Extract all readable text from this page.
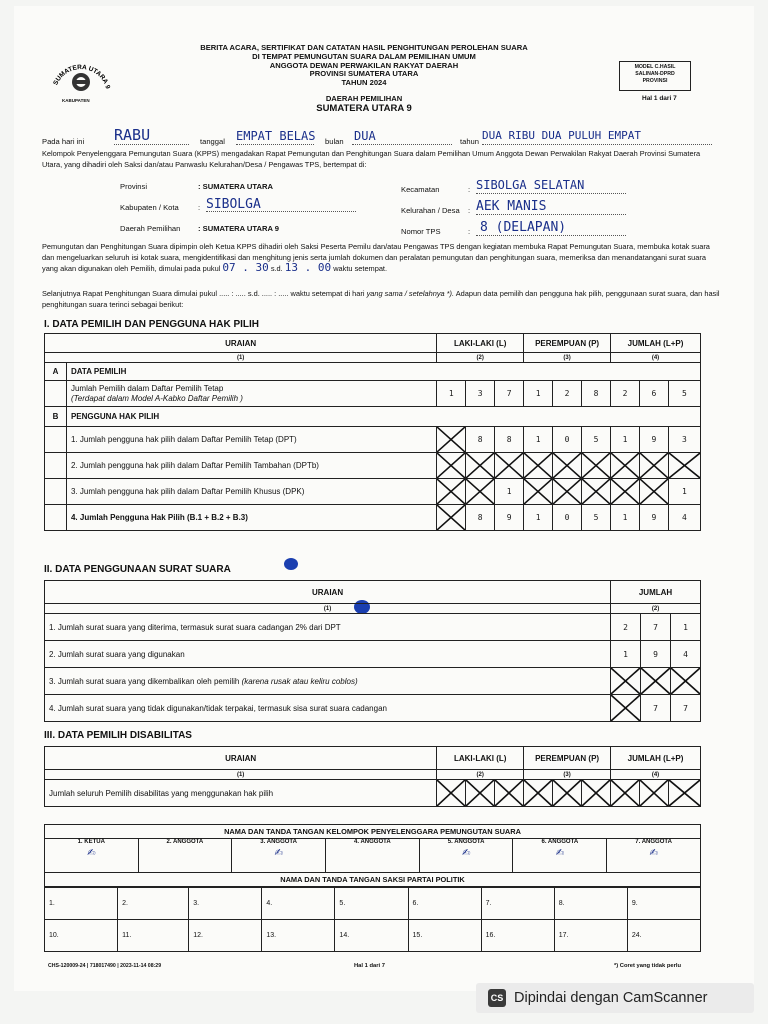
SUMATERA UTARA 9
KABUPATEN
BERITA ACARA, SERTIFIKAT DAN CATATAN HASIL PENGHITUNGAN PEROLEHAN SUARA
DI TEMPAT PEMUNGUTAN SUARA DALAM PEMILIHAN UMUM
ANGGOTA DEWAN PERWAKILAN RAKYAT DAERAH
PROVINSI SUMATERA UTARA
TAHUN 2024
DAERAH PEMILIHAN
SUMATERA UTARA 9
MODEL C.HASIL
SALINAN-DPRD
PROVINSI
Hal 1 dari 7
Pada hari ini RABU	tanggal EMPAT BELAS bulan DUA	tahun DUA RIBU DUA PULUH EMPAT
Kelompok Penyelenggara Pemungutan Suara (KPPS) mengadakan Rapat Pemungutan dan Penghitungan Suara dalam Pemilihan Umum Anggota Dewan Perwakilan Rakyat Daerah Provinsi Sumatera Utara, yang dihadiri oleh Saksi dan/atau Panwaslu Kelurahan/Desa / Pengawas TPS, bertempat di:
Provinsi	: SUMATERA UTARA
Kabupaten / Kota	: SIBOLGA
Daerah Pemilihan : SUMATERA UTARA 9
Kecamatan	: SIBOLGA SELATAN
Kelurahan / Desa : AEK MANIS
Nomor TPS	: 8 (DELAPAN)
Pemungutan dan Penghitungan Suara dipimpin oleh Ketua KPPS dihadiri oleh Saksi Peserta Pemilu dan/atau Pengawas TPS dengan kegiatan membuka Rapat Pemungutan Suara, membuka kotak suara dan mengeluarkan seluruh isi kotak suara, mengidentifikasi dan menghitung jenis serta jumlah dokumen dan peralatan pemungutan dan penghitungan suara, memeriksa dan menandatangani surat suara yang akan digunakan oleh Pemilih, dimulai pada pukul 07 . 30 s.d. 13 . 00 waktu setempat.
Selanjutnya Rapat Penghitungan Suara dimulai pukul ..... : ..... s.d. ..... : ..... waktu setempat di hari yang sama / setelahnya *). Adapun data pemilih dan pengguna hak pilih, penggunaan surat suara, dan hasil penghitungan suara terinci sebagai berikut:
I. DATA PEMILIH DAN PENGGUNA HAK PILIH
URAIAN		LAKI-LAKI (L)			PEREMPUAN (P)			JUMLAH (L+P)		
(1)		(2)			(3)			(4)		
A	DATA PEMILIH									

	Jumlah Pemilih dalam Daftar Pemilih Tetap
(Terdapat dalam Model A-Kabko Daftar Pemilih )	1	3	7	1	2	8	2	6	5
B	PENGGUNA HAK PILIH									
	1. Jumlah pengguna hak pilih dalam Daftar Pemilih Tetap (DPT)		8	8	1	0	5	1	9	3
	2. Jumlah pengguna hak pilih dalam Daftar Pemilih Tambahan (DPTb)	

	3. Jumlah pengguna hak pilih dalam Daftar Pemilih Khusus (DPK)			1						1
	4. Jumlah Pengguna Hak Pilih (B.1 + B.2 + B.3)		8	9	1	0	5	1	9	4
II. DATA PENGGUNAAN SURAT SUARA
URAIAN	JUMLAH		
(1)	(2)		
1. Jumlah surat suara yang diterima, termasuk surat suara cadangan 2% dari DPT	2	7	1
2. Jumlah surat suara yang digunakan	1	9	4
3. Jumlah surat suara yang dikembalikan oleh pemilih (karena rusak atau keliru coblos)	

4. Jumlah surat suara yang tidak digunakan/tidak terpakai, termasuk sisa surat suara cadangan		7	7
III. DATA PEMILIH DISABILITAS
URAIAN	LAKI-LAKI (L)			PEREMPUAN (P)			JUMLAH (L+P)		
(1)	(2)			(3)			(4)		
Jumlah seluruh Pemilih disabilitas yang menggunakan hak pilih	

NAMA DAN TANDA TANGAN KELOMPOK PENYELENGGARA PEMUNGUTAN SUARA
1. KETUA
✍
	2. ANGGOTA	3. ANGGOTA
✍
	4. ANGGOTA	5. ANGGOTA
✍
	6. ANGGOTA
✍
	7. ANGGOTA
✍

NAMA DAN TANDA TANGAN SAKSI PARTAI POLITIK
1.	2.	3.	4.	5.	6.	7.	8.	9.
10.	11.	12.	13.	14.	15.	16.	17.	24.
CHS-120009-24 | 718017490 | 2023-11-14 08:29	Hal 1 dari 7	*) Coret yang tidak perlu
CS Dipindai dengan CamScanner
